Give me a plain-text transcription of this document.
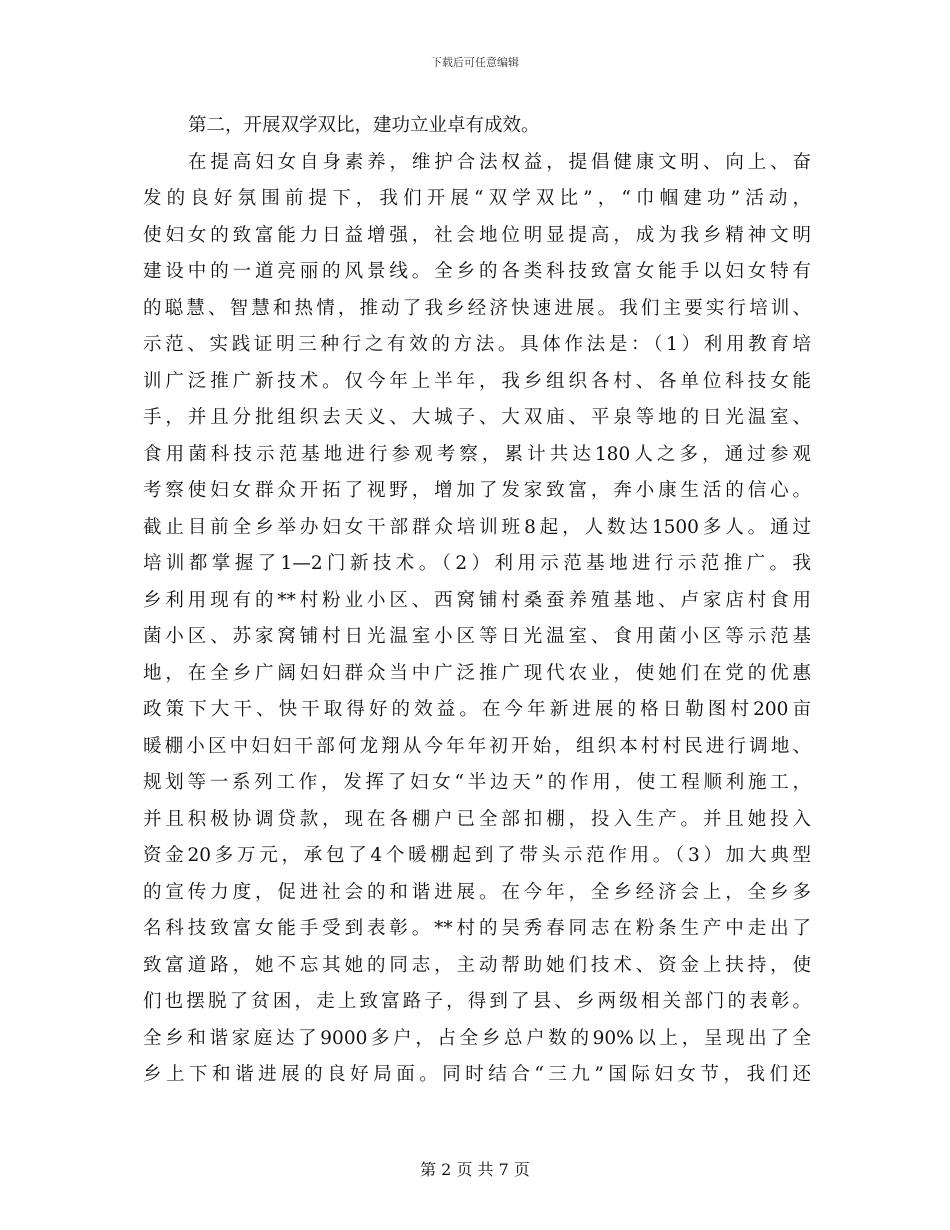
下载后可任意编辑
第二，开展双学双比，建功立业卓有成效。
在提高妇女自身素养，维护合法权益，提倡健康文明、向上、奋
发的良好氛围前提下，我们开展“双学双比”，“巾帼建功”活动，
使妇女的致富能力日益增强，社会地位明显提高，成为我乡精神文明
建设中的一道亮丽的风景线。全乡的各类科技致富女能手以妇女特有
的聪慧、智慧和热情，推动了我乡经济快速进展。我们主要实行培训、
示范、实践证明三种行之有效的方法。具体作法是：（1）利用教育培
训广泛推广新技术。仅今年上半年，我乡组织各村、各单位科技女能
手，并且分批组织去天义、大城子、大双庙、平泉等地的日光温室、
食用菌科技示范基地进行参观考察，累计共达180人之多，通过参观
考察使妇女群众开拓了视野，增加了发家致富，奔小康生活的信心。
截止目前全乡举办妇女干部群众培训班8起，人数达1500多人。通过
培训都掌握了1—2门新技术。（2）利用示范基地进行示范推广。我
乡利用现有的**村粉业小区、西窝铺村桑蚕养殖基地、卢家店村食用
菌小区、苏家窝铺村日光温室小区等日光温室、食用菌小区等示范基
地，在全乡广阔妇妇群众当中广泛推广现代农业，使她们在党的优惠
政策下大干、快干取得好的效益。在今年新进展的格日勒图村200亩
暖棚小区中妇妇干部何龙翔从今年年初开始，组织本村村民进行调地、
规划等一系列工作，发挥了妇女“半边天”的作用，使工程顺利施工，
并且积极协调贷款，现在各棚户已全部扣棚，投入生产。并且她投入
资金20多万元，承包了4个暖棚起到了带头示范作用。（3）加大典型
的宣传力度，促进社会的和谐进展。在今年，全乡经济会上，全乡多
名科技致富女能手受到表彰。**村的吴秀春同志在粉条生产中走出了
致富道路，她不忘其她的同志，主动帮助她们技术、资金上扶持，使
们也摆脱了贫困，走上致富路子，得到了县、乡两级相关部门的表彰。
全乡和谐家庭达了9000多户，占全乡总户数的90%以上，呈现出了全
乡上下和谐进展的良好局面。同时结合“三九”国际妇女节，我们还
第 2 页 共 7 页
